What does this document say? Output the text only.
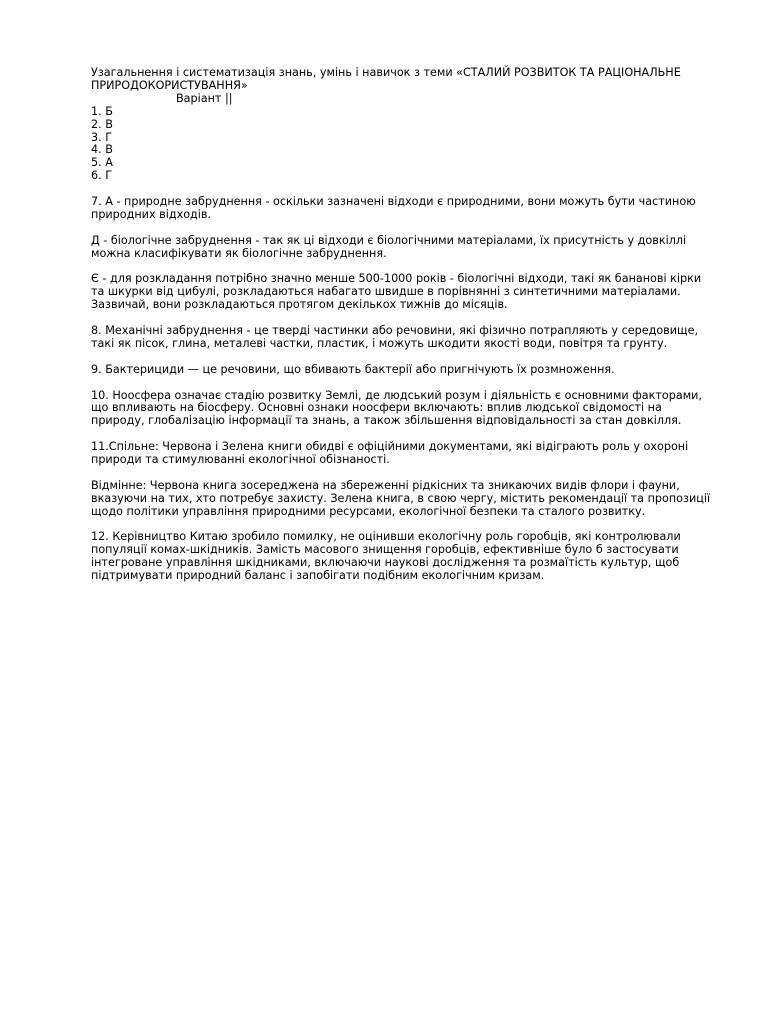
Узагальнення і систематизація знань, умінь і навичок з теми «СТАЛИЙ РОЗВИТОК ТА РАЦІОНАЛЬНЕ ПРИРОДОКОРИСТУВАННЯ»

Варіант ||

1. Б

2. В

3. Г

4. В

5. А

6. Г

7. А - природне забруднення - оскільки зазначені відходи є природними, вони можуть бути частиною природних відходів.

Д - біологічне забруднення - так як ці відходи є біологічними матеріалами, їх присутність у довкіллі можна класифікувати як біологічне забруднення.

Є - для розкладання потрібно значно менше 500-1000 років - біологічні відходи, такі як бананові кірки та шкурки від цибулі, розкладаються набагато швидше в порівнянні з синтетичними матеріалами. Зазвичай, вони розкладаються протягом декількох тижнів до місяців.

8. Механічні забруднення - це тверді частинки або речовини, які фізично потрапляють у середовище, такі як пісок, глина, металеві частки, пластик, і можуть шкодити якості води, повітря та грунту.

9. Бактерициди — це речовини, що вбивають бактерії або пригнічують їх розмноження.

10. Ноосфера означає стадію розвитку Землі, де людський розум і діяльність є основними факторами, що впливають на біосферу. Основні ознаки ноосфери включають: вплив людської свідомості на природу, глобалізацію інформації та знань, а також збільшення відповідальності за стан довкілля.

11.Спільне: Червона і Зелена книги обидві є офіційними документами, які відіграють роль у охороні природи та стимулюванні екологічної обізнаності.

Відмінне: Червона книга зосереджена на збереженні рідкісних та зникаючих видів флори і фауни, вказуючи на тих, хто потребує захисту. Зелена книга, в свою чергу, містить рекомендації та пропозиції щодо політики управління природними ресурсами, екологічної безпеки та сталого розвитку.

12. Керівництво Китаю зробило помилку, не оцінивши екологічну роль горобців, які контролювали популяції комах-шкідників. Замість масового знищення горобців, ефективніше було б застосувати інтегроване управління шкідниками, включаючи наукові дослідження та розмаїтість культур, щоб підтримувати природний баланс і запобігати подібним екологічним кризам.
